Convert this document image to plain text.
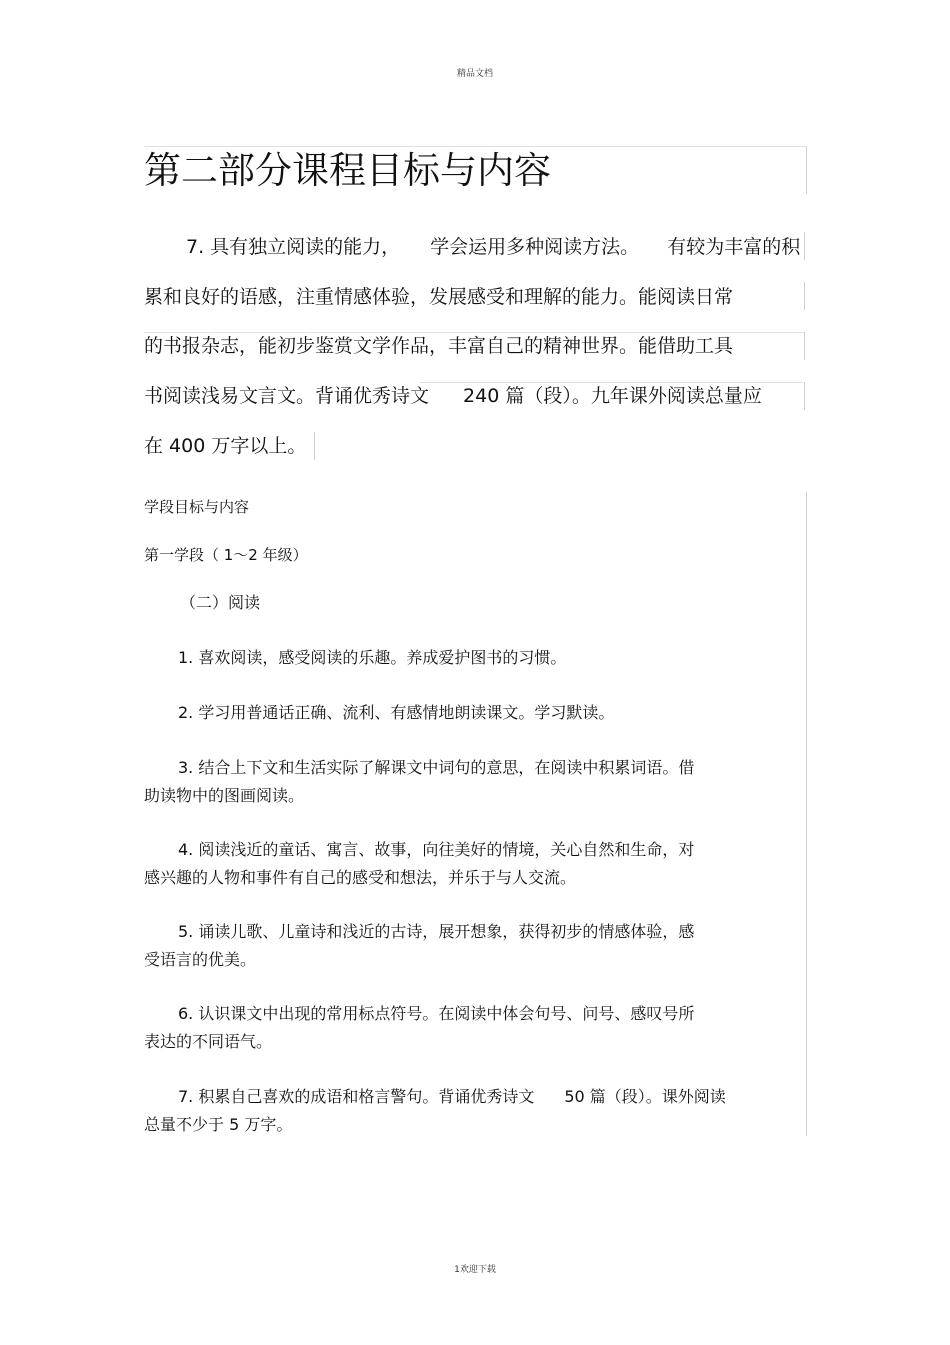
精品文档
第二部分课程目标与内容
7. 具有独立阅读的能力， 学会运用多种阅读方法。 有较为丰富的积
累和良好的语感，注重情感体验，发展感受和理解的能力。能阅读日常
的书报杂志，能初步鉴赏文学作品，丰富自己的精神世界。能借助工具
书阅读浅易文言文。背诵优秀诗文 240 篇（段）。九年课外阅读总量应
在 400 万字以上。
学段目标与内容
第一学段（ 1～2 年级）
（二）阅读
1. 喜欢阅读，感受阅读的乐趣。养成爱护图书的习惯。
2. 学习用普通话正确、流利、有感情地朗读课文。学习默读。
3. 结合上下文和生活实际了解课文中词句的意思，在阅读中积累词语。借
助读物中的图画阅读。
4. 阅读浅近的童话、寓言、故事，向往美好的情境，关心自然和生命，对
感兴趣的人物和事件有自己的感受和想法，并乐于与人交流。
5. 诵读儿歌、儿童诗和浅近的古诗，展开想象，获得初步的情感体验，感
受语言的优美。
6. 认识课文中出现的常用标点符号。在阅读中体会句号、问号、感叹号所
表达的不同语气。
7. 积累自己喜欢的成语和格言警句。背诵优秀诗文 50 篇（段）。课外阅读
总量不少于 5 万字。
1欢迎下载
